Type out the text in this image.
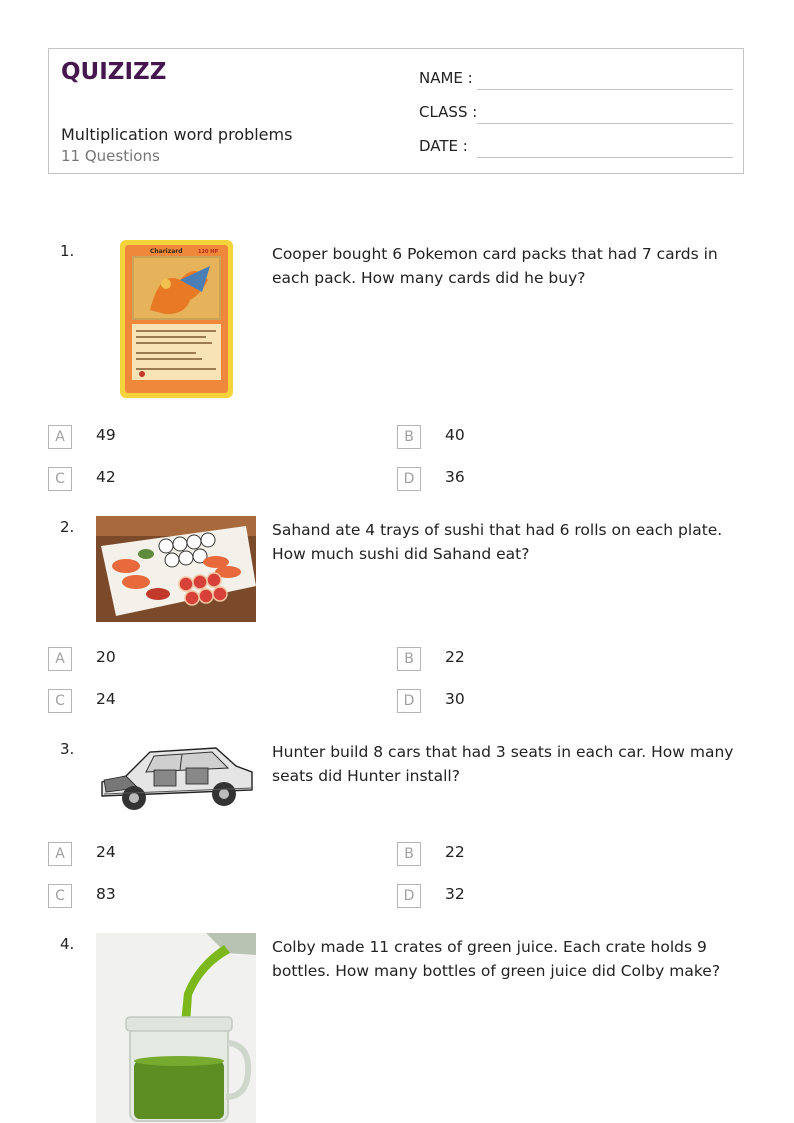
QUIZIZZ
Multiplication word problems
11 Questions
NAME :
CLASS :
DATE :
1.	Charizard	120 HP	Cooper bought 6 Pokemon card packs that had 7 cards in each pack. How many cards did he buy?
A	49	B	40
C	42	D	36
2.	Sahand ate 4 trays of sushi that had 6 rolls on each plate. How much sushi did Sahand eat?
A	20	B	22
C	24	D	30
3.	Hunter build 8 cars that had 3 seats in each car. How many seats did Hunter install?
A	24	B	22
C	83	D	32
4.	Colby made 11 crates of green juice. Each crate holds 9 bottles. How many bottles of green juice did Colby make?
